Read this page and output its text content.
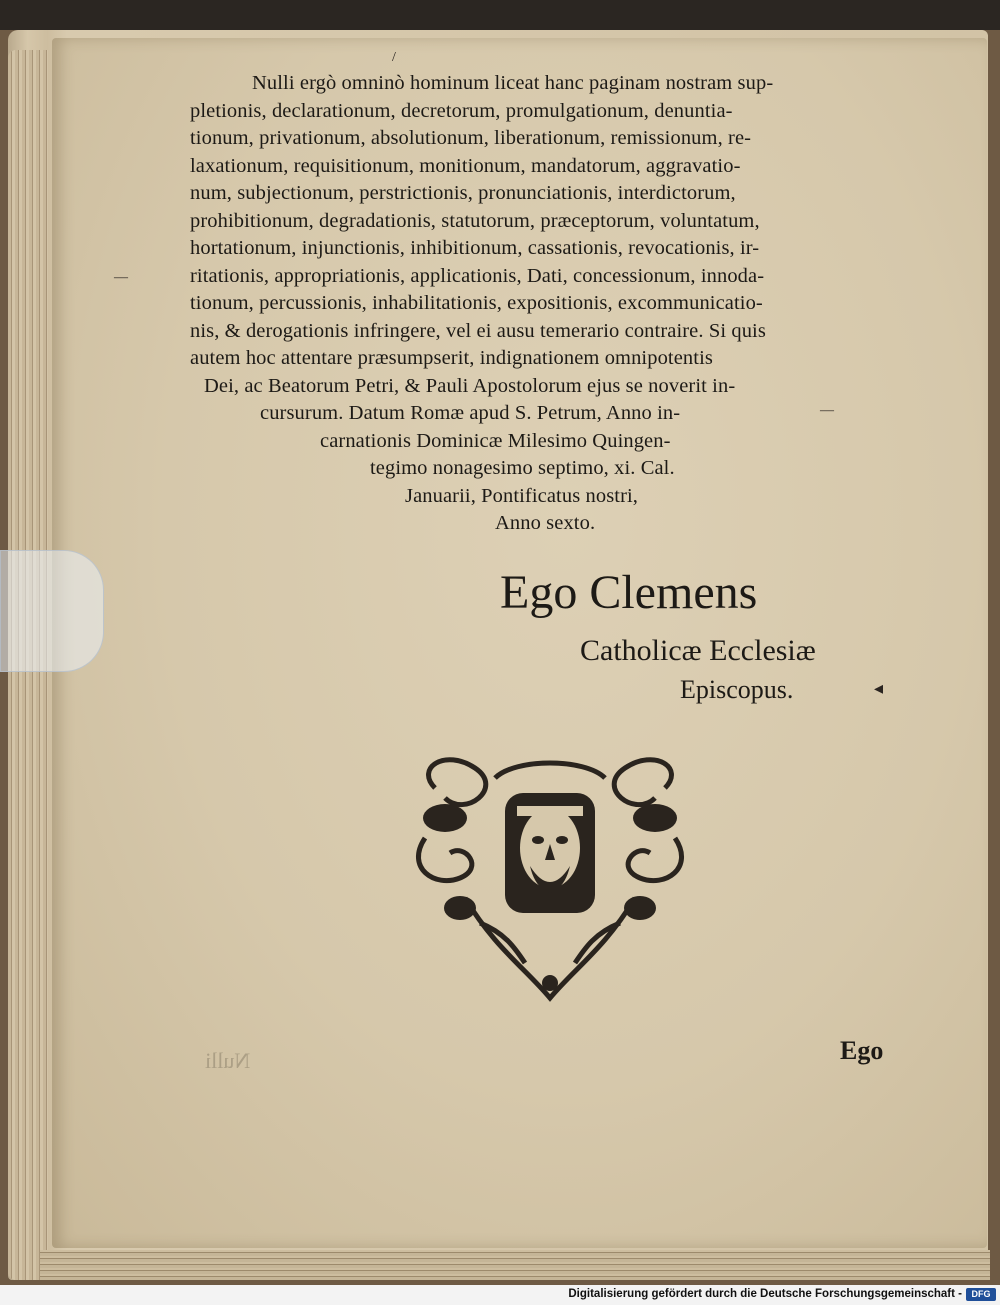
/
—
—
◂
Nulli ergò omninò hominum liceat hanc paginam nostram sup-
pletionis, declarationum, decretorum, promulgationum, denuntia-
tionum, privationum, absolutionum, liberationum, remissionum, re-
laxationum, requisitionum, monitionum, mandatorum, aggravatio-
num, subjectionum, perstrictionis, pronunciationis, interdictorum,
prohibitionum, degradationis, statutorum, præceptorum, voluntatum,
hortationum, injunctionis, inhibitionum, cassationis, revocationis, ir-
ritationis, appropriationis, applicationis, Dati, concessionum, innoda-
tionum, percussionis, inhabilitationis, expositionis, excommunicatio-
nis, & derogationis infringere, vel ei ausu temerario contraire. Si quis
autem hoc attentare præsumpserit, indignationem omnipotentis
Dei, ac Beatorum Petri, & Pauli Apostolorum ejus se noverit in-
cursurum. Datum Romæ apud S. Petrum, Anno in-
carnationis Dominicæ Milesimo Quingen-
tegimo nonagesimo septimo, xi. Cal.
Januarii, Pontificatus nostri,
Anno sexto.
Ego Clemens
Catholicæ Ecclesiæ
Episcopus.
Ego
Nulli
Digitalisierung gefördert durch die Deutsche Forschungsgemeinschaft -	DFG
